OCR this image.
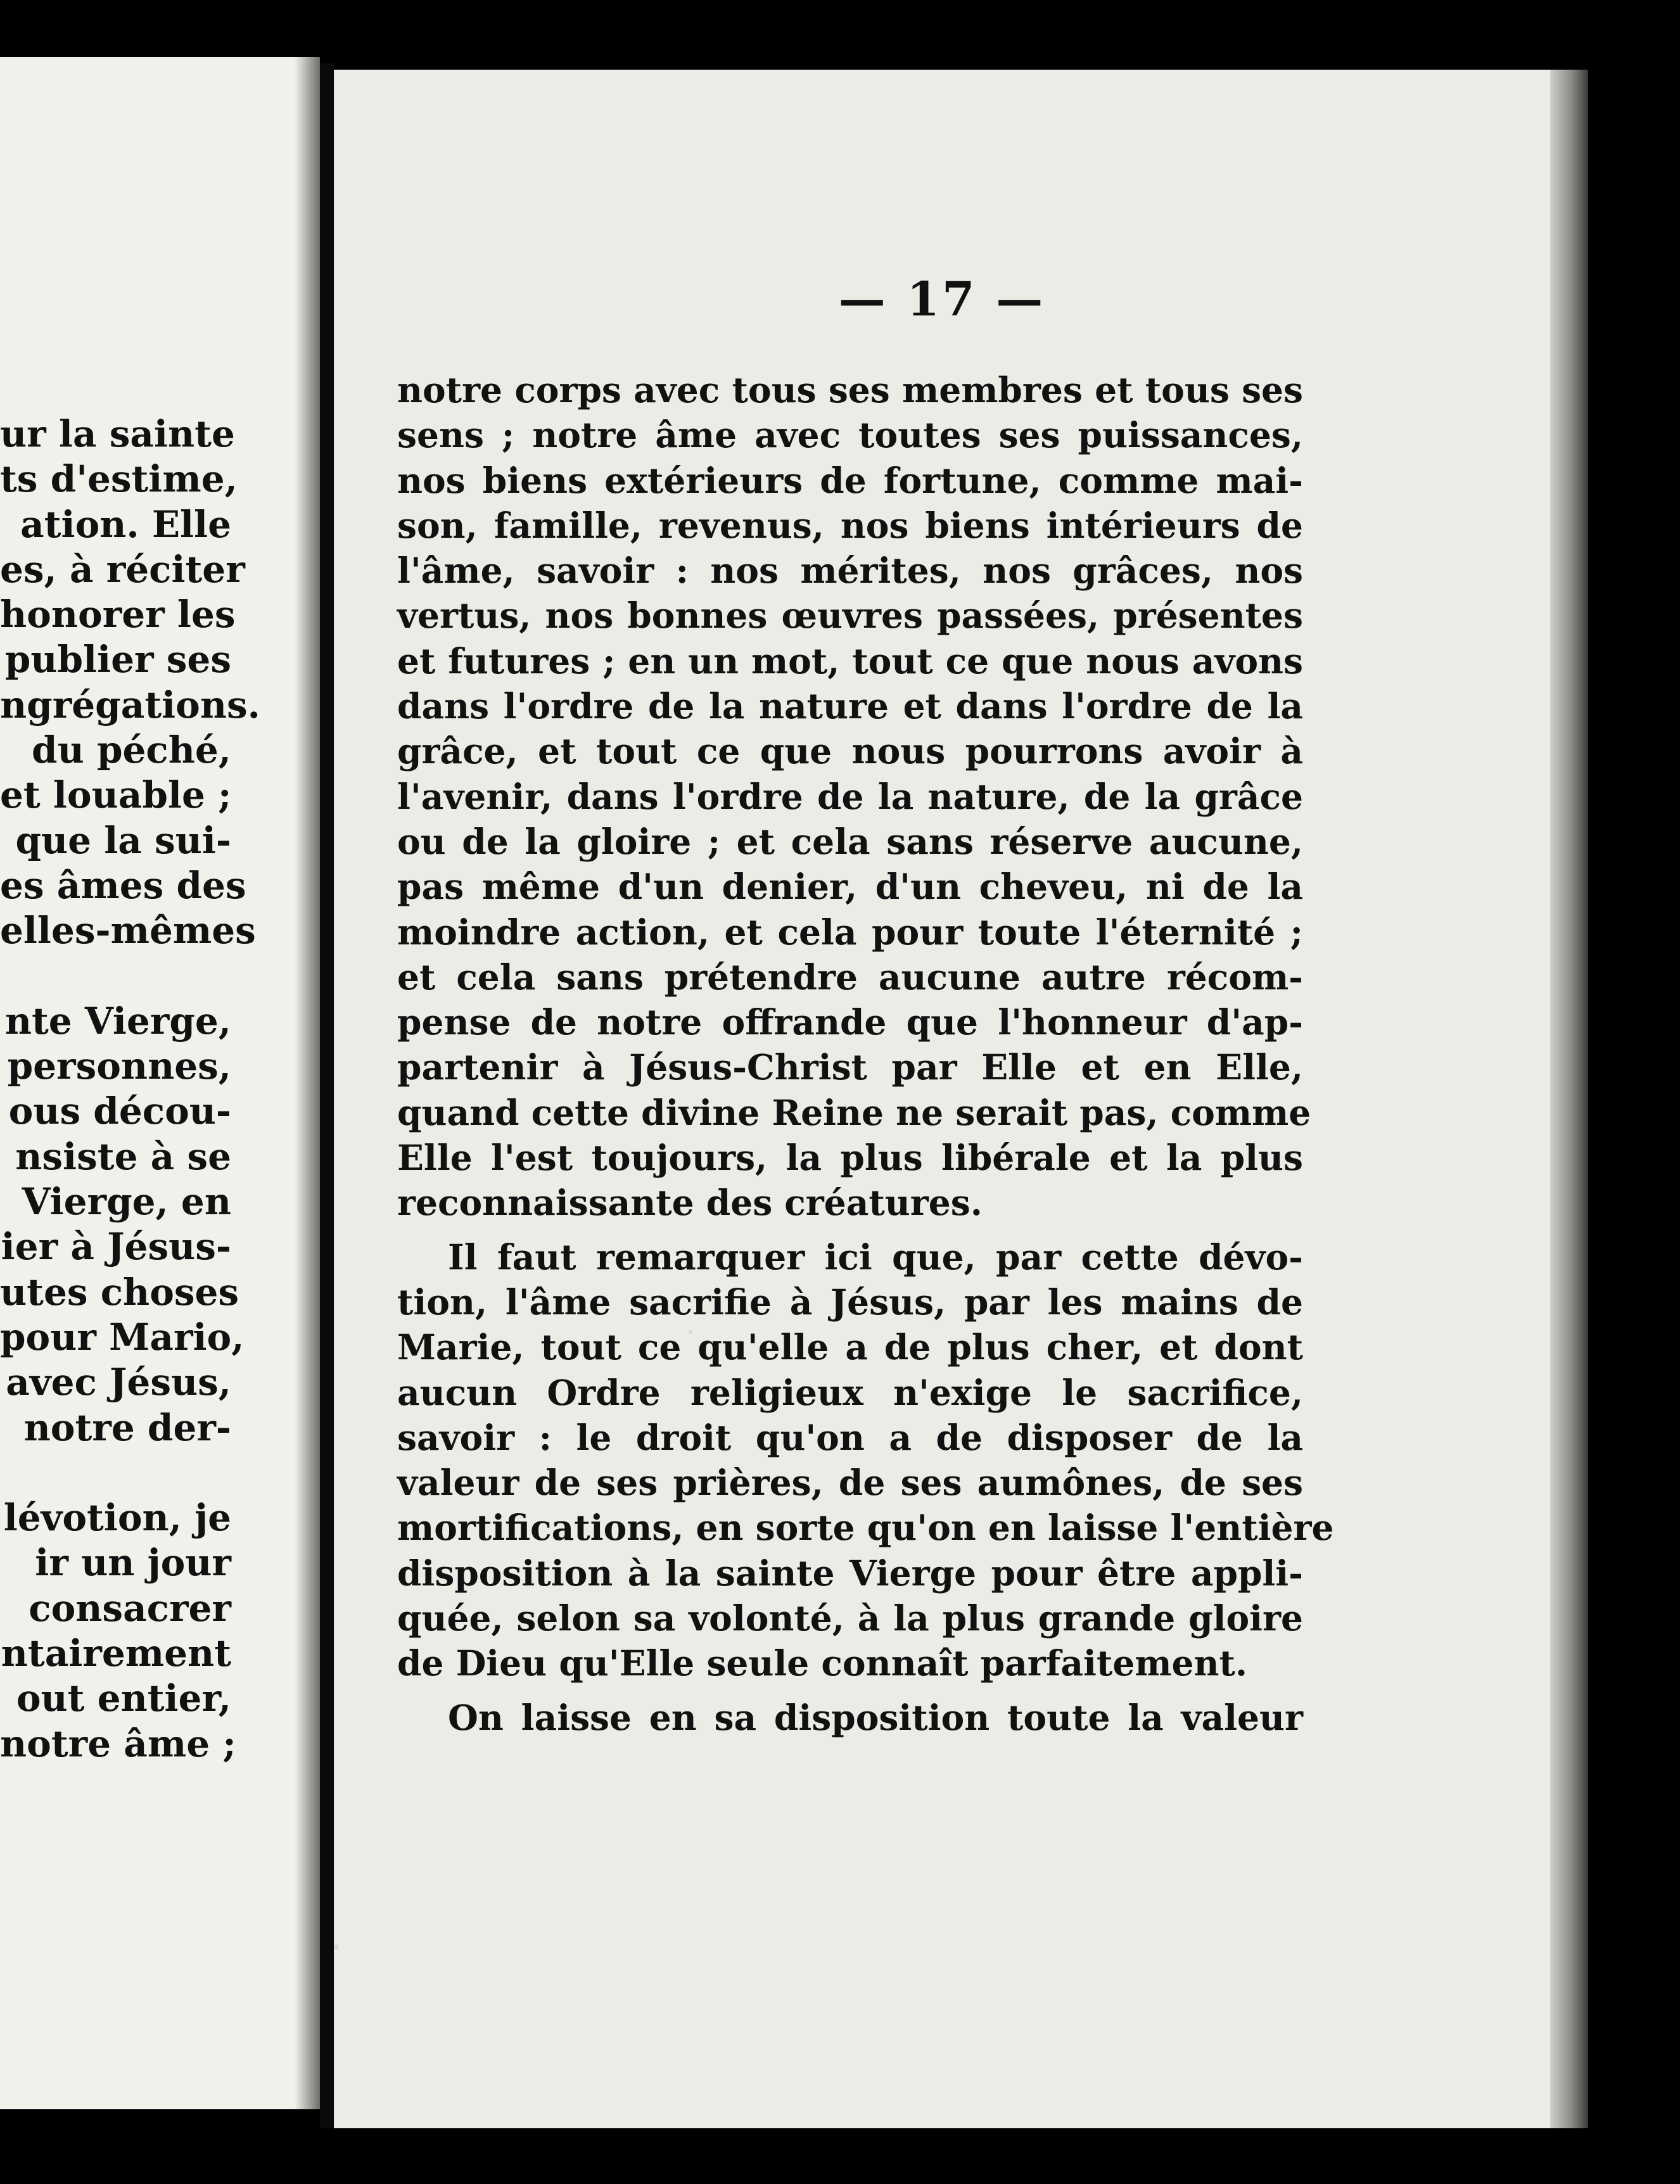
ur la sainte
ts d'estime,
ation. Elle
es, à réciter
honorer les
publier ses
ngrégations.
du péché,
et louable ;
que la sui-
es âmes des
elles-mêmes
nte Vierge,
personnes,
ous décou-
nsiste à se
Vierge, en
ier à Jésus-
utes choses
pour Mario,
avec Jésus,
notre der-
lévotion, je
ir un jour
consacrer
ntairement
out entier,
notre âme ;
— 17 —
notre corps avec tous ses membres et tous ses
sens ; notre âme avec toutes ses puissances,
nos biens extérieurs de fortune, comme mai-
son, famille, revenus, nos biens intérieurs de
l'âme, savoir : nos mérites, nos grâces, nos
vertus, nos bonnes œuvres passées, présentes
et futures ; en un mot, tout ce que nous avons
dans l'ordre de la nature et dans l'ordre de la
grâce, et tout ce que nous pourrons avoir à
l'avenir, dans l'ordre de la nature, de la grâce
ou de la gloire ; et cela sans réserve aucune,
pas même d'un denier, d'un cheveu, ni de la
moindre action, et cela pour toute l'éternité ;
et cela sans prétendre aucune autre récom-
pense de notre offrande que l'honneur d'ap-
partenir à Jésus-Christ par Elle et en Elle,
quand cette divine Reine ne serait pas, comme
Elle l'est toujours, la plus libérale et la plus
reconnaissante des créatures.
Il faut remarquer ici que, par cette dévo-
tion, l'âme sacrifie à Jésus, par les mains de
Marie, tout ce qu'elle a de plus cher, et dont
aucun Ordre religieux n'exige le sacrifice,
savoir : le droit qu'on a de disposer de la
valeur de ses prières, de ses aumônes, de ses
mortifications, en sorte qu'on en laisse l'entière
disposition à la sainte Vierge pour être appli-
quée, selon sa volonté, à la plus grande gloire
de Dieu qu'Elle seule connaît parfaitement.
On laisse en sa disposition toute la valeur
